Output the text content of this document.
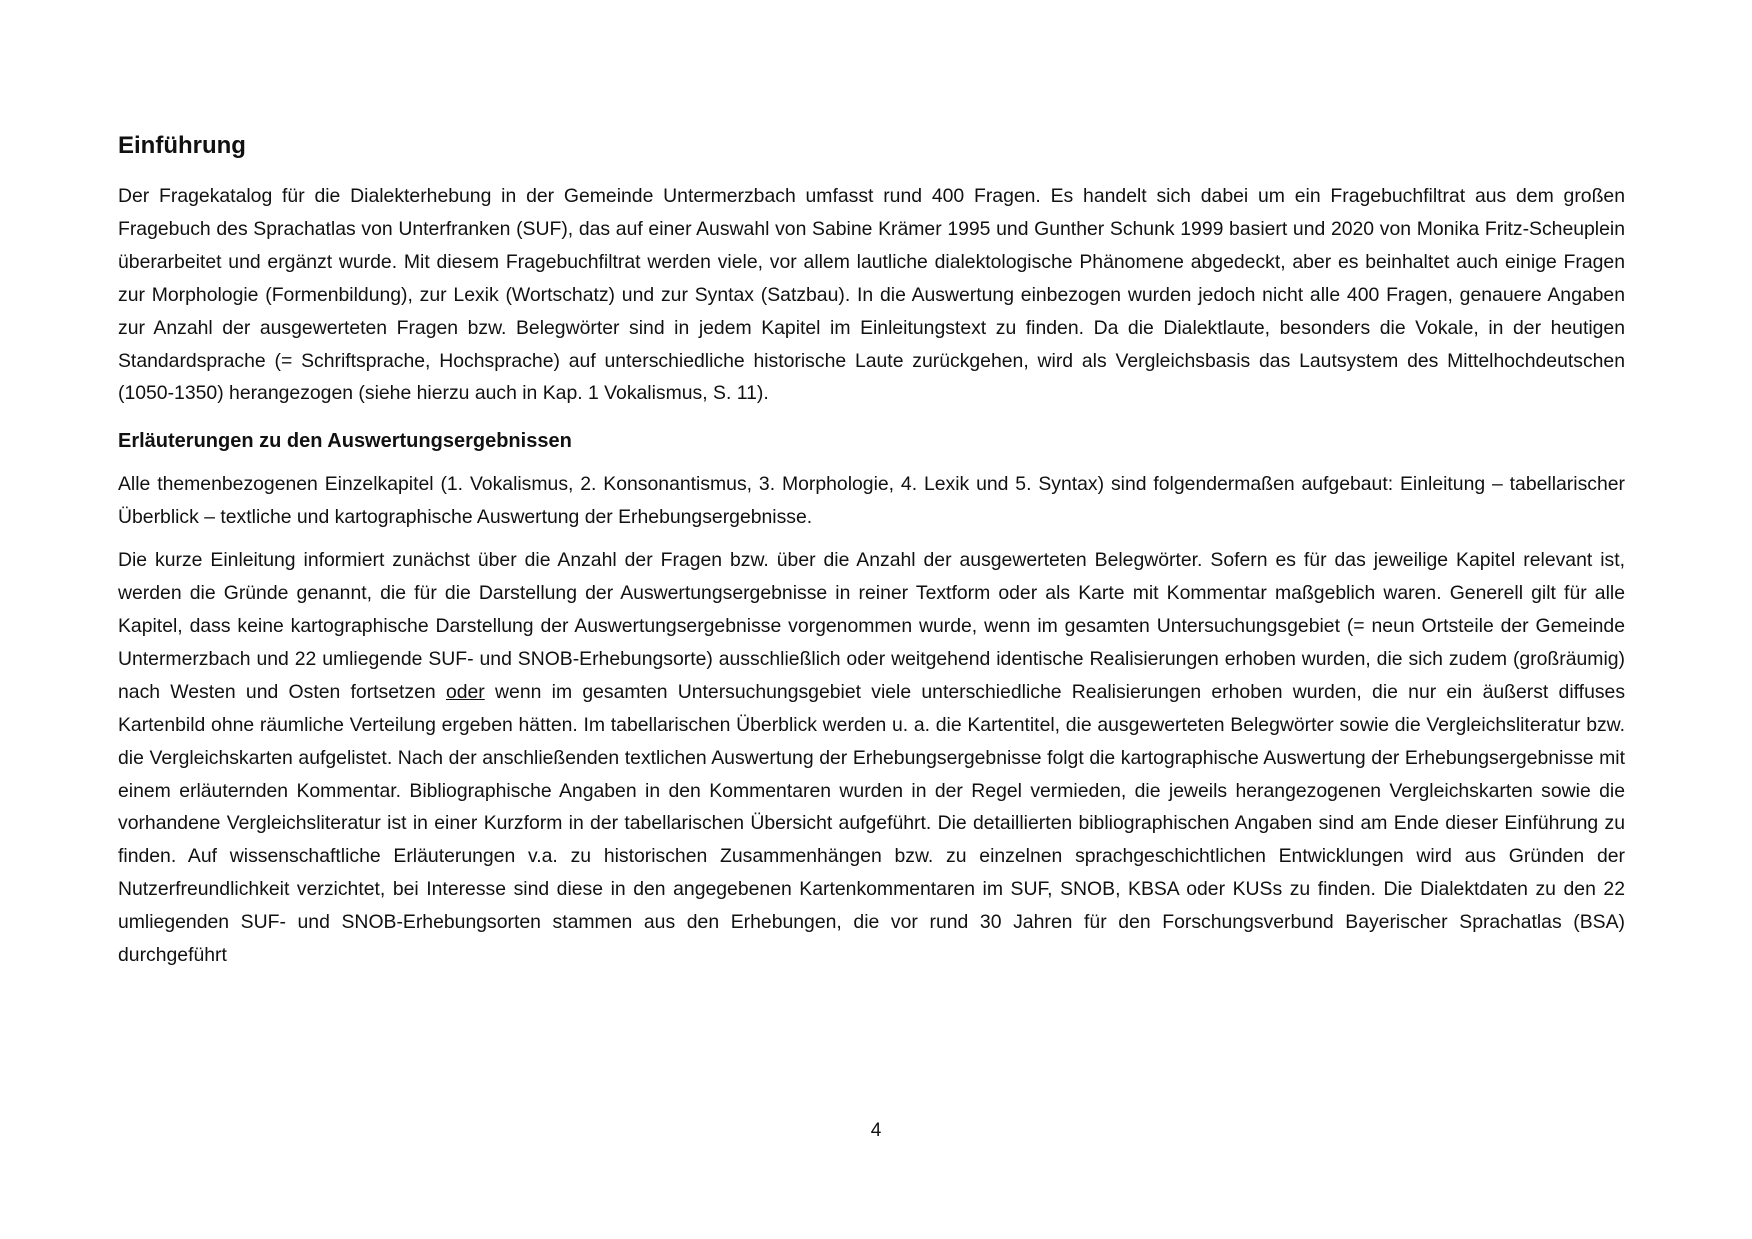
Einführung

Der Fragekatalog für die Dialekterhebung in der Gemeinde Untermerzbach umfasst rund 400 Fragen. Es handelt sich dabei um ein Fragebuchfiltrat aus dem großen Fragebuch des Sprachatlas von Unterfranken (SUF), das auf einer Auswahl von Sabine Krämer 1995 und Gunther Schunk 1999 basiert und 2020 von Monika Fritz-Scheuplein überarbeitet und ergänzt wurde. Mit diesem Fragebuchfiltrat werden viele, vor allem lautliche dialektologische Phänomene abgedeckt, aber es beinhaltet auch einige Fragen zur Morphologie (Formenbildung), zur Lexik (Wortschatz) und zur Syntax (Satzbau). In die Auswertung einbezogen wurden jedoch nicht alle 400 Fragen, genauere Angaben zur Anzahl der ausgewerteten Fragen bzw. Belegwörter sind in jedem Kapitel im Einleitungstext zu finden. Da die Dialektlaute, besonders die Vokale, in der heutigen Standardsprache (= Schriftsprache, Hochsprache) auf unterschiedliche historische Laute zurückgehen, wird als Vergleichsbasis das Lautsystem des Mittelhochdeutschen (1050-1350) herangezogen (siehe hierzu auch in Kap. 1 Vokalismus, S. 11).

Erläuterungen zu den Auswertungsergebnissen

Alle themenbezogenen Einzelkapitel (1. Vokalismus, 2. Konsonantismus, 3. Morphologie, 4. Lexik und 5. Syntax) sind folgendermaßen aufgebaut: Einleitung – tabellarischer Überblick – textliche und kartographische Auswertung der Erhebungsergebnisse.

Die kurze Einleitung informiert zunächst über die Anzahl der Fragen bzw. über die Anzahl der ausgewerteten Belegwörter. Sofern es für das jeweilige Kapitel relevant ist, werden die Gründe genannt, die für die Darstellung der Auswertungsergebnisse in reiner Textform oder als Karte mit Kommentar maßgeblich waren. Generell gilt für alle Kapitel, dass keine kartographische Darstellung der Auswertungsergebnisse vorgenommen wurde, wenn im gesamten Untersuchungsgebiet (= neun Ortsteile der Gemeinde Untermerzbach und 22 umliegende SUF- und SNOB-Erhebungsorte) ausschließlich oder weitgehend identische Realisierungen erhoben wurden, die sich zudem (großräumig) nach Westen und Osten fortsetzen oder wenn im gesamten Untersuchungsgebiet viele unterschiedliche Realisierungen erhoben wurden, die nur ein äußerst diffuses Kartenbild ohne räumliche Verteilung ergeben hätten. Im tabellarischen Überblick werden u. a. die Kartentitel, die ausgewerteten Belegwörter sowie die Vergleichsliteratur bzw. die Vergleichskarten aufgelistet. Nach der anschließenden textlichen Auswertung der Erhebungsergebnisse folgt die kartographische Auswertung der Erhebungsergebnisse mit einem erläuternden Kommentar. Bibliographische Angaben in den Kommentaren wurden in der Regel vermieden, die jeweils herangezogenen Vergleichskarten sowie die vorhandene Vergleichsliteratur ist in einer Kurzform in der tabellarischen Übersicht aufgeführt. Die detaillierten bibliographischen Angaben sind am Ende dieser Einführung zu finden. Auf wissenschaftliche Erläuterungen v.a. zu historischen Zusammenhängen bzw. zu einzelnen sprachgeschichtlichen Entwicklungen wird aus Gründen der Nutzerfreundlichkeit verzichtet, bei Interesse sind diese in den angegebenen Kartenkommentaren im SUF, SNOB, KBSA oder KUSs zu finden. Die Dialektdaten zu den 22 umliegenden SUF- und SNOB-Erhebungsorten stammen aus den Erhebungen, die vor rund 30 Jahren für den Forschungsverbund Bayerischer Sprachatlas (BSA) durchgeführt

4
